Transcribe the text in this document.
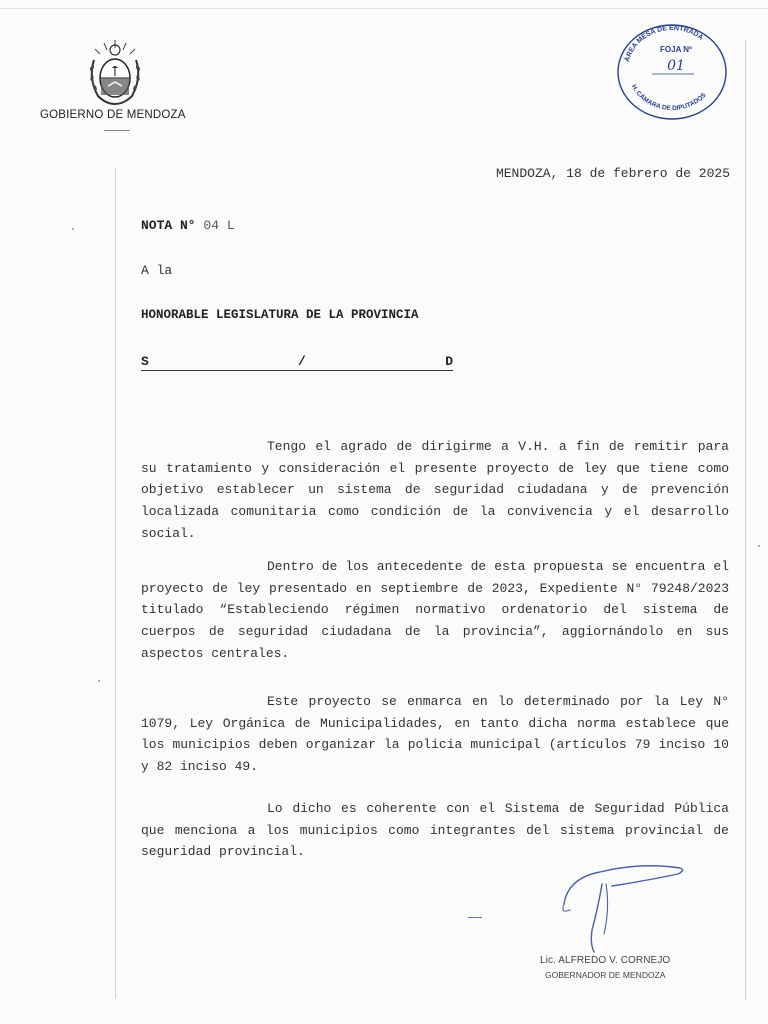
GOBIERNO DE MENDOZA
ÁREA MESA DE ENTRADA
H. CÁMARA DE DIPUTADOS
FOJA Nº
01
MENDOZA, 18 de febrero de 2025
NOTA N° 04 L
A la
HONORABLE LEGISLATURA DE LA PROVINCIA
S	/	D
Tengo el agrado de dirigirme a V.H. a fin de remitir para su tratamiento y consideración el presente proyecto de ley que tiene como objetivo establecer un sistema de seguridad ciudadana y de prevención localizada comunitaria como condición de la convivencia y el desarrollo social.
Dentro de los antecedente de esta propuesta se encuentra el proyecto de ley presentado en septiembre de 2023, Expediente N° 79248/2023 titulado “Estableciendo régimen normativo ordenatorio del sistema de cuerpos de seguridad ciudadana de la provincia”, aggiornándolo en sus aspectos centrales.
Este proyecto se enmarca en lo determinado por la Ley N° 1079, Ley Orgánica de Municipalidades, en tanto dicha norma establece que los municipios deben organizar la policia municipal (artículos 79 inciso 10 y 82 inciso 49.
Lo dicho es coherente con el Sistema de Seguridad Pública que menciona a los municipios como integrantes del sistema provincial de seguridad provincial.
Lic. ALFREDO V. CORNEJO
GOBERNADOR DE MENDOZA
